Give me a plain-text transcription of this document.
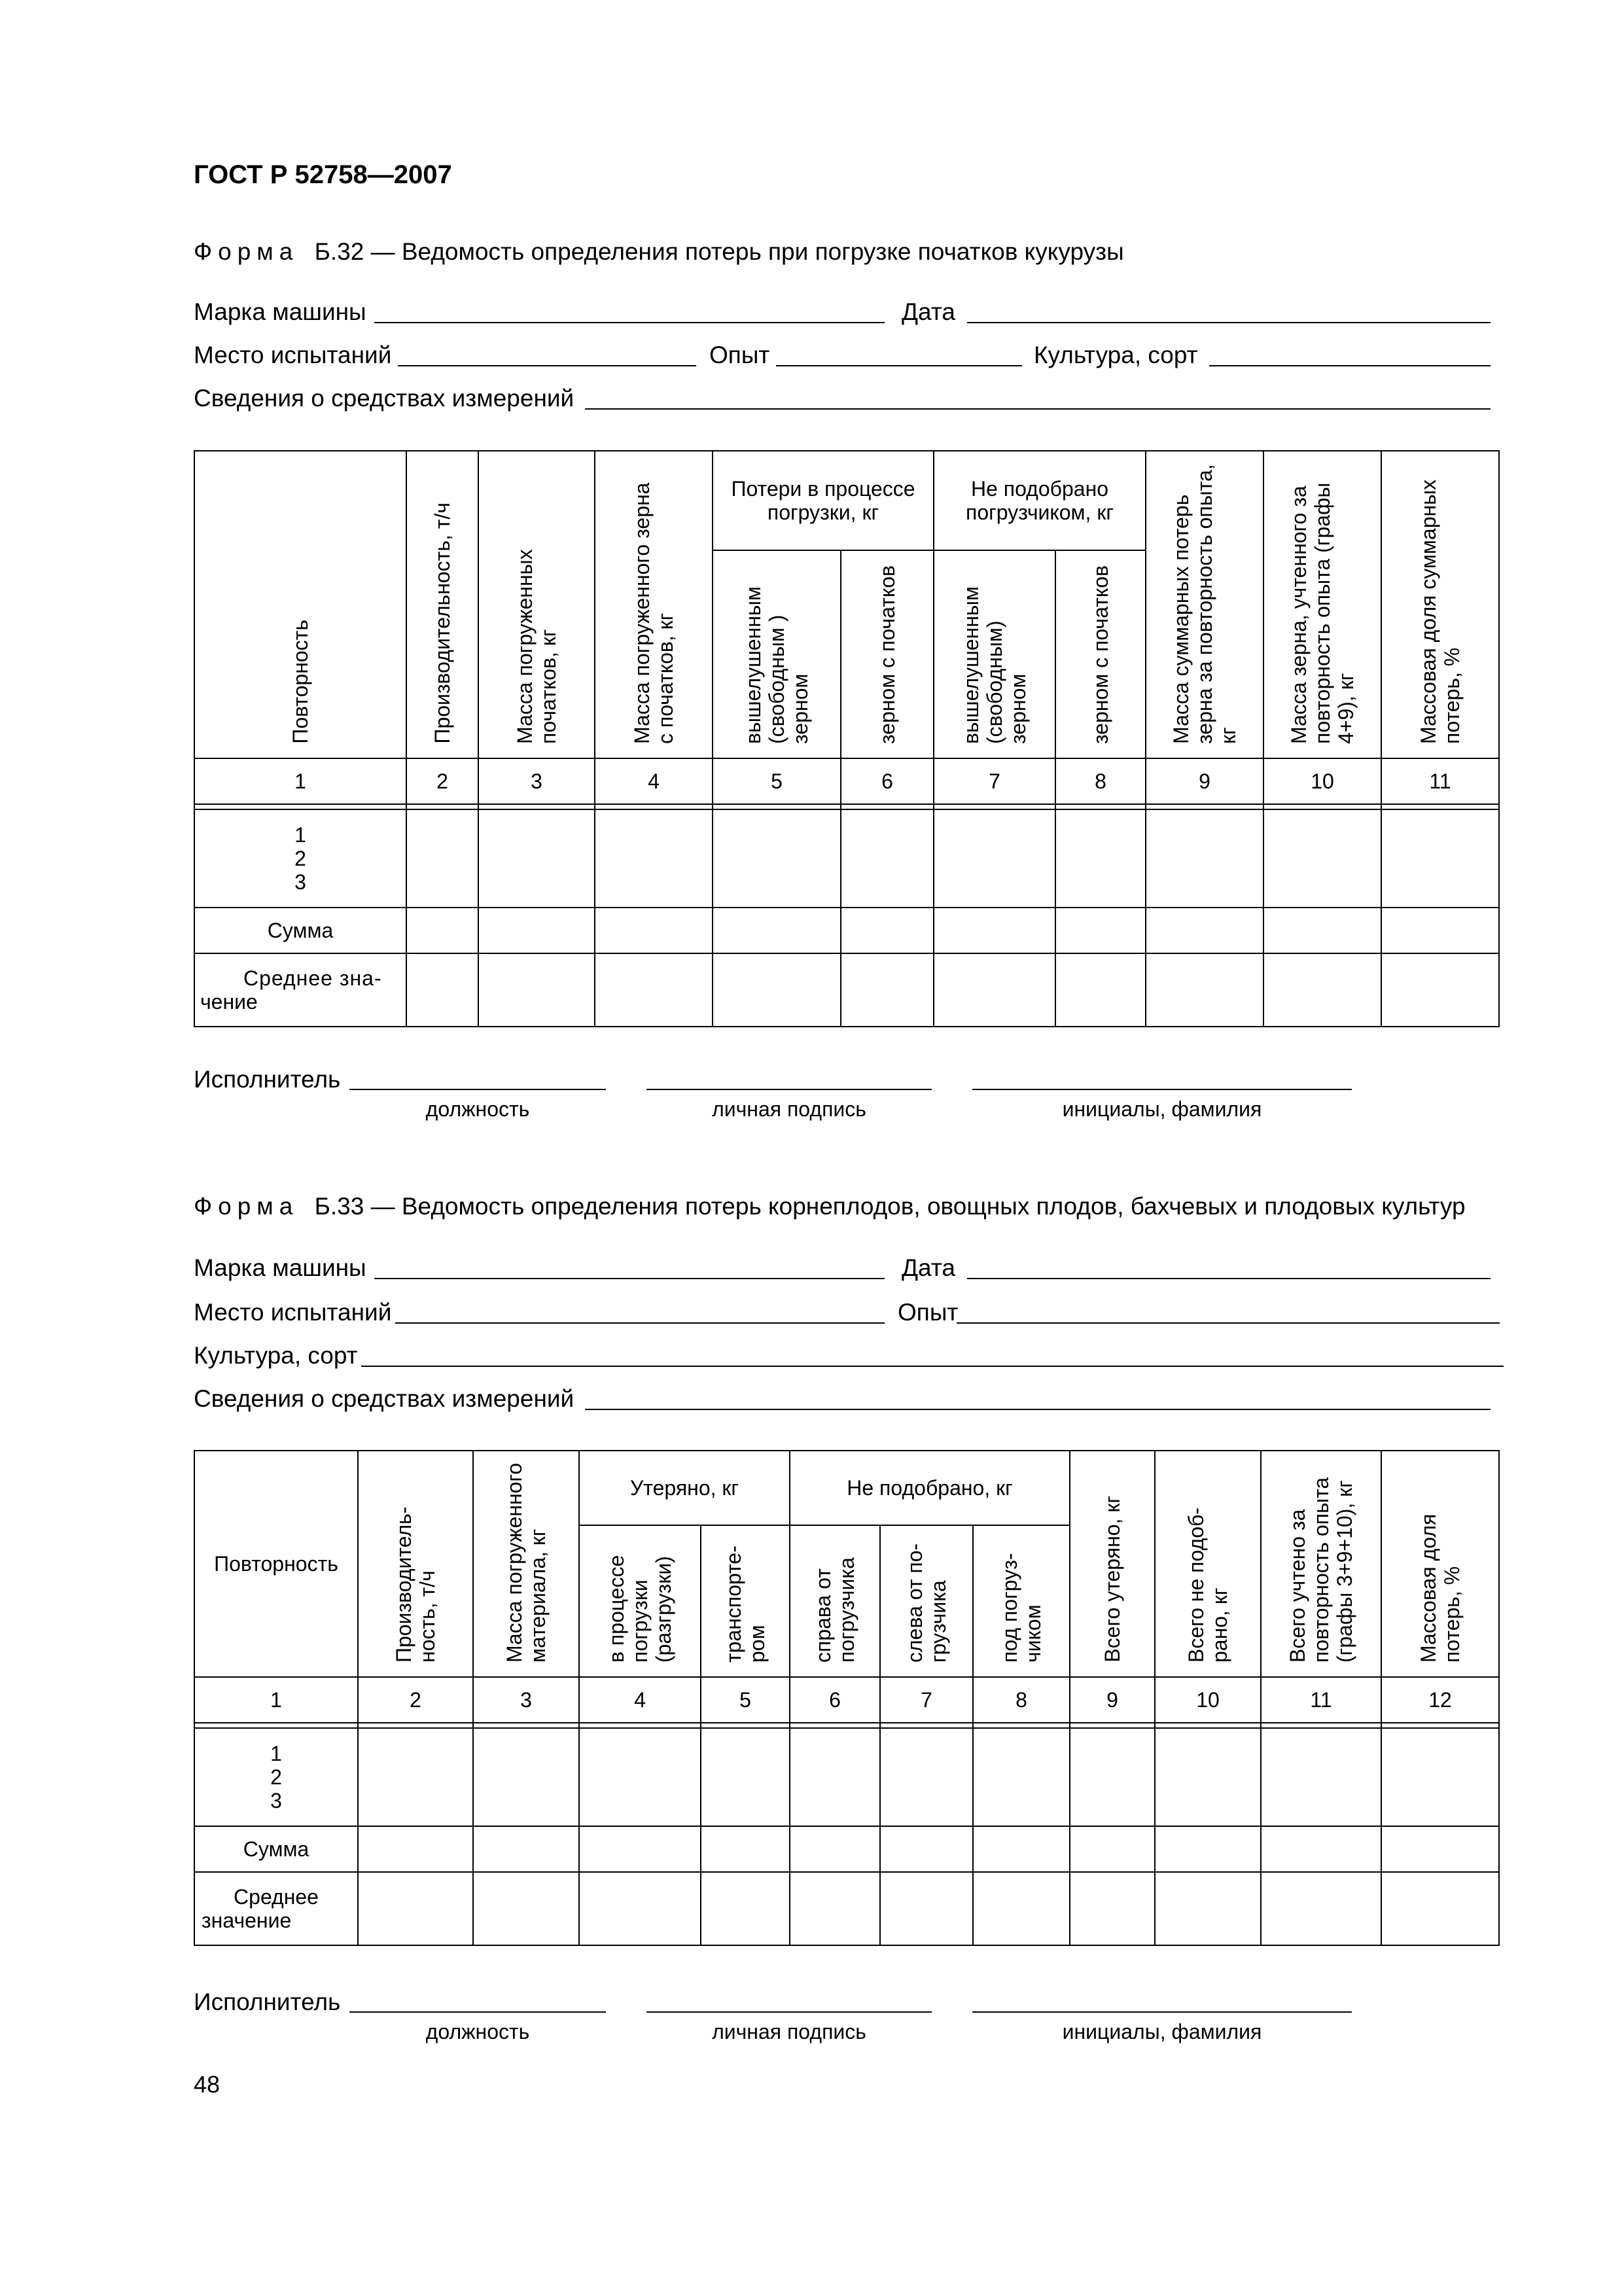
ГОСТ Р 52758—2007
Форма Б.32 — Ведомость определения потерь при погрузке початков кукурузы
Марка машины	Дата
Место испытаний	Опыт	Культура, сорт
Сведения о средствах измерений
Повторность	Производительность, т/ч	Масса погруженных початков, кг	Масса погруженного зерна с початков, кг	Потери в процессе погрузки, кг		Не подобрано погрузчиком, кг		Масса суммарных потерь зерна за повторность опыта, кг	Масса зерна, учтенного за повторность опыта (графы 4+9), кг	Массовая доля суммарных потерь, %
				вышелушенным (свободным ) зерном	зерном с початков	вышелушенным (свободным) зерном	зерном с початков			
1	2	3	4	5	6	7	8	9	10	11

1
2
3										

Сумма										

Среднее зна-
чение										

Исполнитель
должность	личная подпись	инициалы, фамилия
Форма Б.33 — Ведомость определения потерь корнеплодов, овощных плодов, бахчевых и плодовых культур
Марка машины	Дата
Место испытаний	Опыт
Культура, сорт
Сведения о средствах измерений
Повторность	Производитель- ность, т/ч	Масса погруженного материала, кг	Утеряно, кг		Не подобрано, кг			Всего утеряно, кг	Всего не подоб- рано, кг	Всего учтено за повторность опыта (графы 3+9+10), кг	Массовая доля потерь, %
			в процессе погрузки (разгрузки)	транспорте- ром	справа от погрузчика	слева от по- грузчика	под погруз- чиком				
1	2	3	4	5	6	7	8	9	10	11	12

1
2
3											

Сумма											

Среднее
значение											

Исполнитель
должность	личная подпись	инициалы, фамилия
48
